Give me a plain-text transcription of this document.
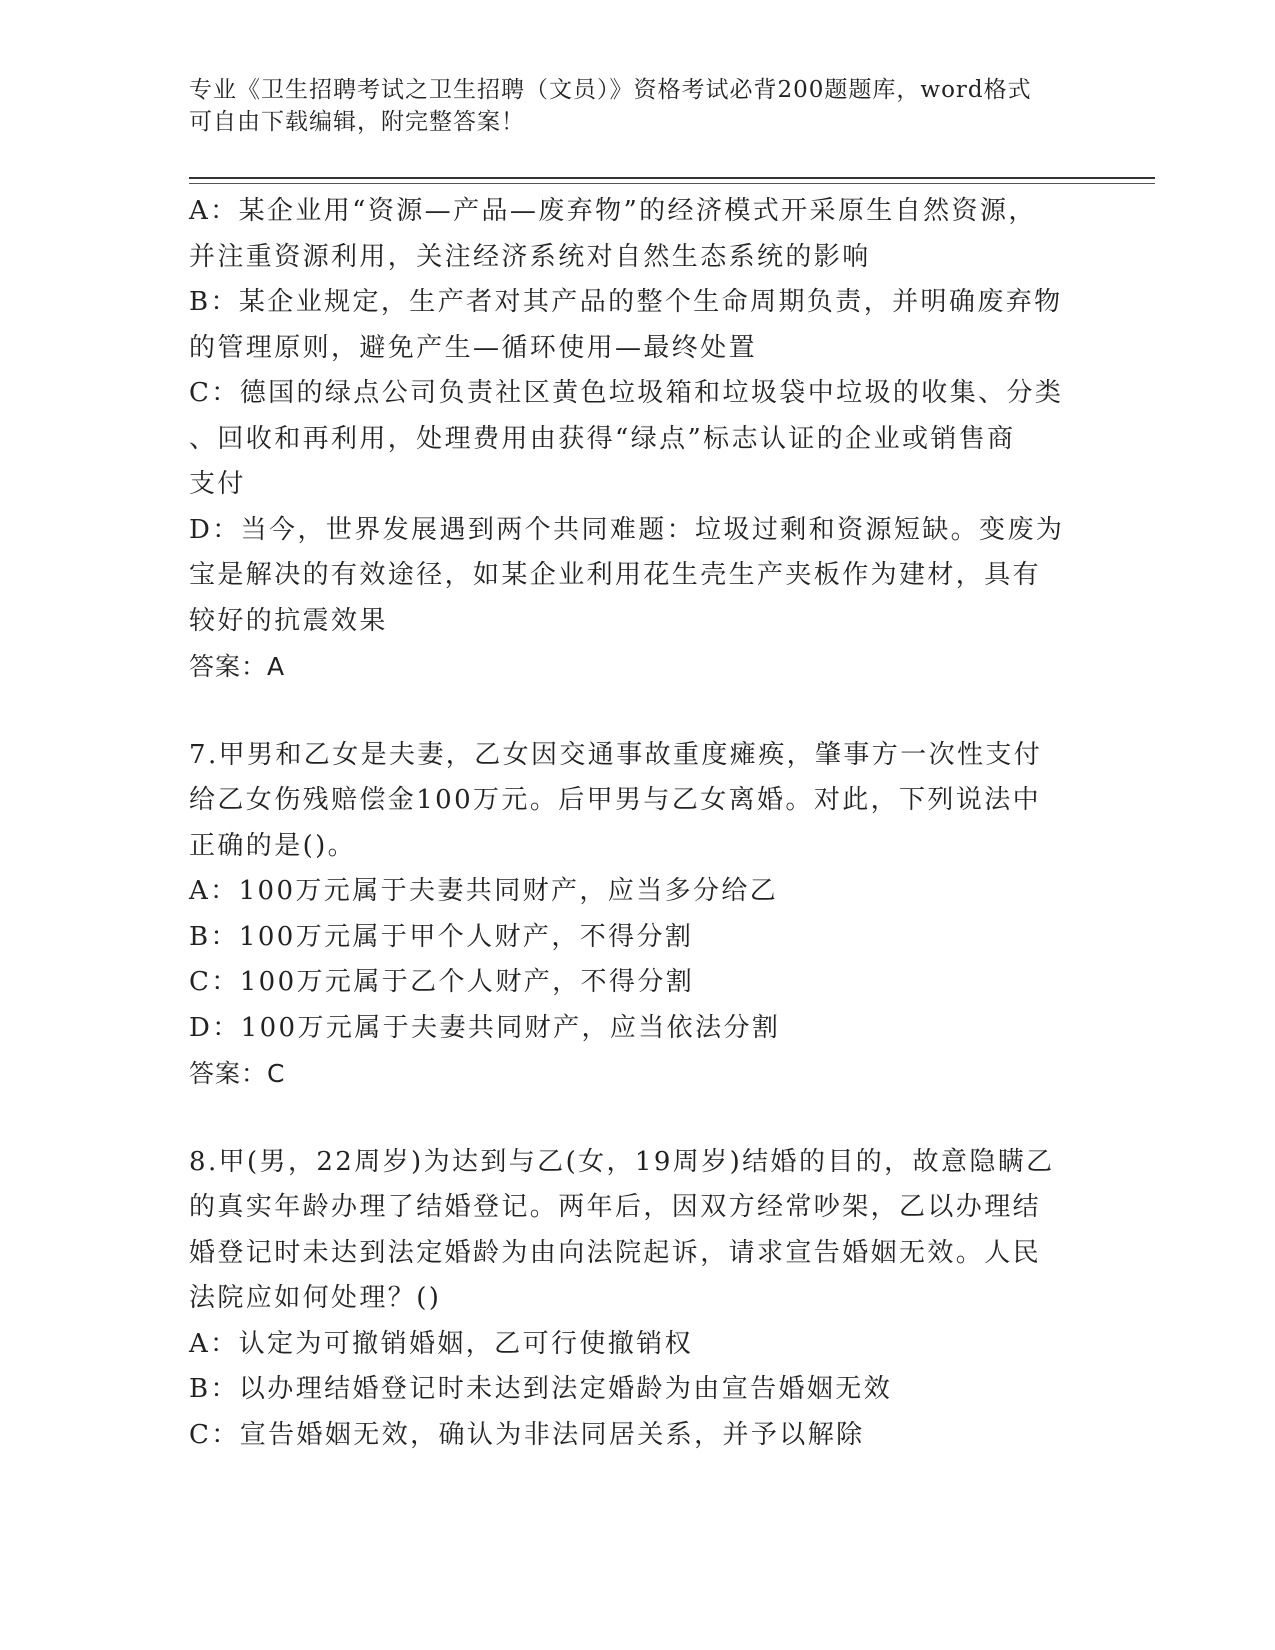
专业《卫生招聘考试之卫生招聘（文员）》资格考试必背200题题库，word格式
可自由下载编辑，附完整答案！
A：某企业用“资源—产品—废弃物”的经济模式开采原生自然资源，
并注重资源利用，关注经济系统对自然生态系统的影响
B：某企业规定，生产者对其产品的整个生命周期负责，并明确废弃物
的管理原则，避免产生—循环使用—最终处置
C：德国的绿点公司负责社区黄色垃圾箱和垃圾袋中垃圾的收集、分类
、回收和再利用，处理费用由获得“绿点”标志认证的企业或销售商
支付
D：当今，世界发展遇到两个共同难题：垃圾过剩和资源短缺。变废为
宝是解决的有效途径，如某企业利用花生壳生产夹板作为建材，具有
较好的抗震效果
答案：A
7.甲男和乙女是夫妻，乙女因交通事故重度瘫痪，肇事方一次性支付
给乙女伤残赔偿金100万元。后甲男与乙女离婚。对此，下列说法中
正确的是()。
A：100万元属于夫妻共同财产，应当多分给乙
B：100万元属于甲个人财产，不得分割
C：100万元属于乙个人财产，不得分割
D：100万元属于夫妻共同财产，应当依法分割
答案：C
8.甲(男，22周岁)为达到与乙(女，19周岁)结婚的目的，故意隐瞒乙
的真实年龄办理了结婚登记。两年后，因双方经常吵架，乙以办理结
婚登记时未达到法定婚龄为由向法院起诉，请求宣告婚姻无效。人民
法院应如何处理？()
A：认定为可撤销婚姻，乙可行使撤销权
B：以办理结婚登记时未达到法定婚龄为由宣告婚姻无效
C：宣告婚姻无效，确认为非法同居关系，并予以解除
